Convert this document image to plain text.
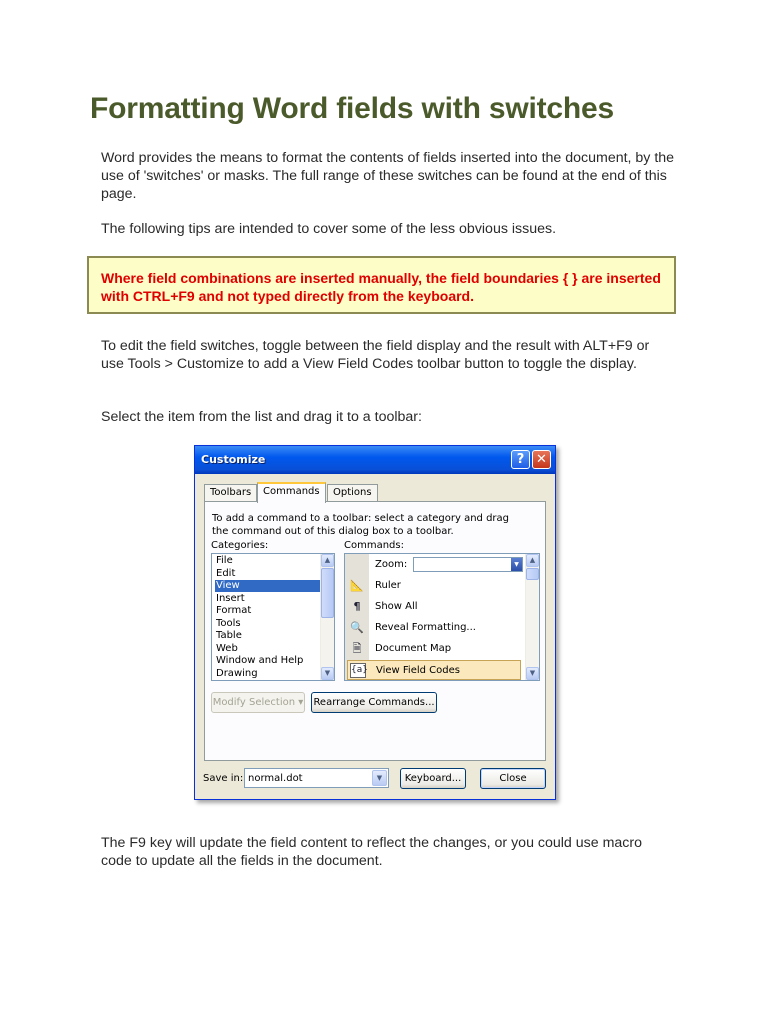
Formatting Word fields with switches

Word provides the means to format the contents of fields inserted into the document, by the use of 'switches' or masks. The full range of these switches can be found at the end of this page.

The following tips are intended to cover some of the less obvious issues.

Where field combinations are inserted manually, the field boundaries { } are inserted with CTRL+F9 and not typed directly from the keyboard.

To edit the field switches, toggle between the field display and the result with ALT+F9 or use Tools > Customize to add a View Field Codes toolbar button to toggle the display.

Select the item from the list and drag it to a toolbar:

Customize	? ✕
Toolbars	Commands	Options
To add a command to a toolbar: select a category and drag the command out of this dialog box to a toolbar.
Categories:	Commands:
File
Edit
View
Insert
Format
Tools
Table
Web
Window and Help
Drawing
▲
▼
Zoom:	▼
📐 Ruler
¶	Show All
🔍 Reveal Formatting...
🗎	Document Map
{a} View Field Codes
▲
▼
Modify Selection ▾ Rearrange Commands...
Save in: normal.dot	▼	Keyboard...	Close

The F9 key will update the field content to reflect the changes, or you could use macro code to update all the fields in the document.
